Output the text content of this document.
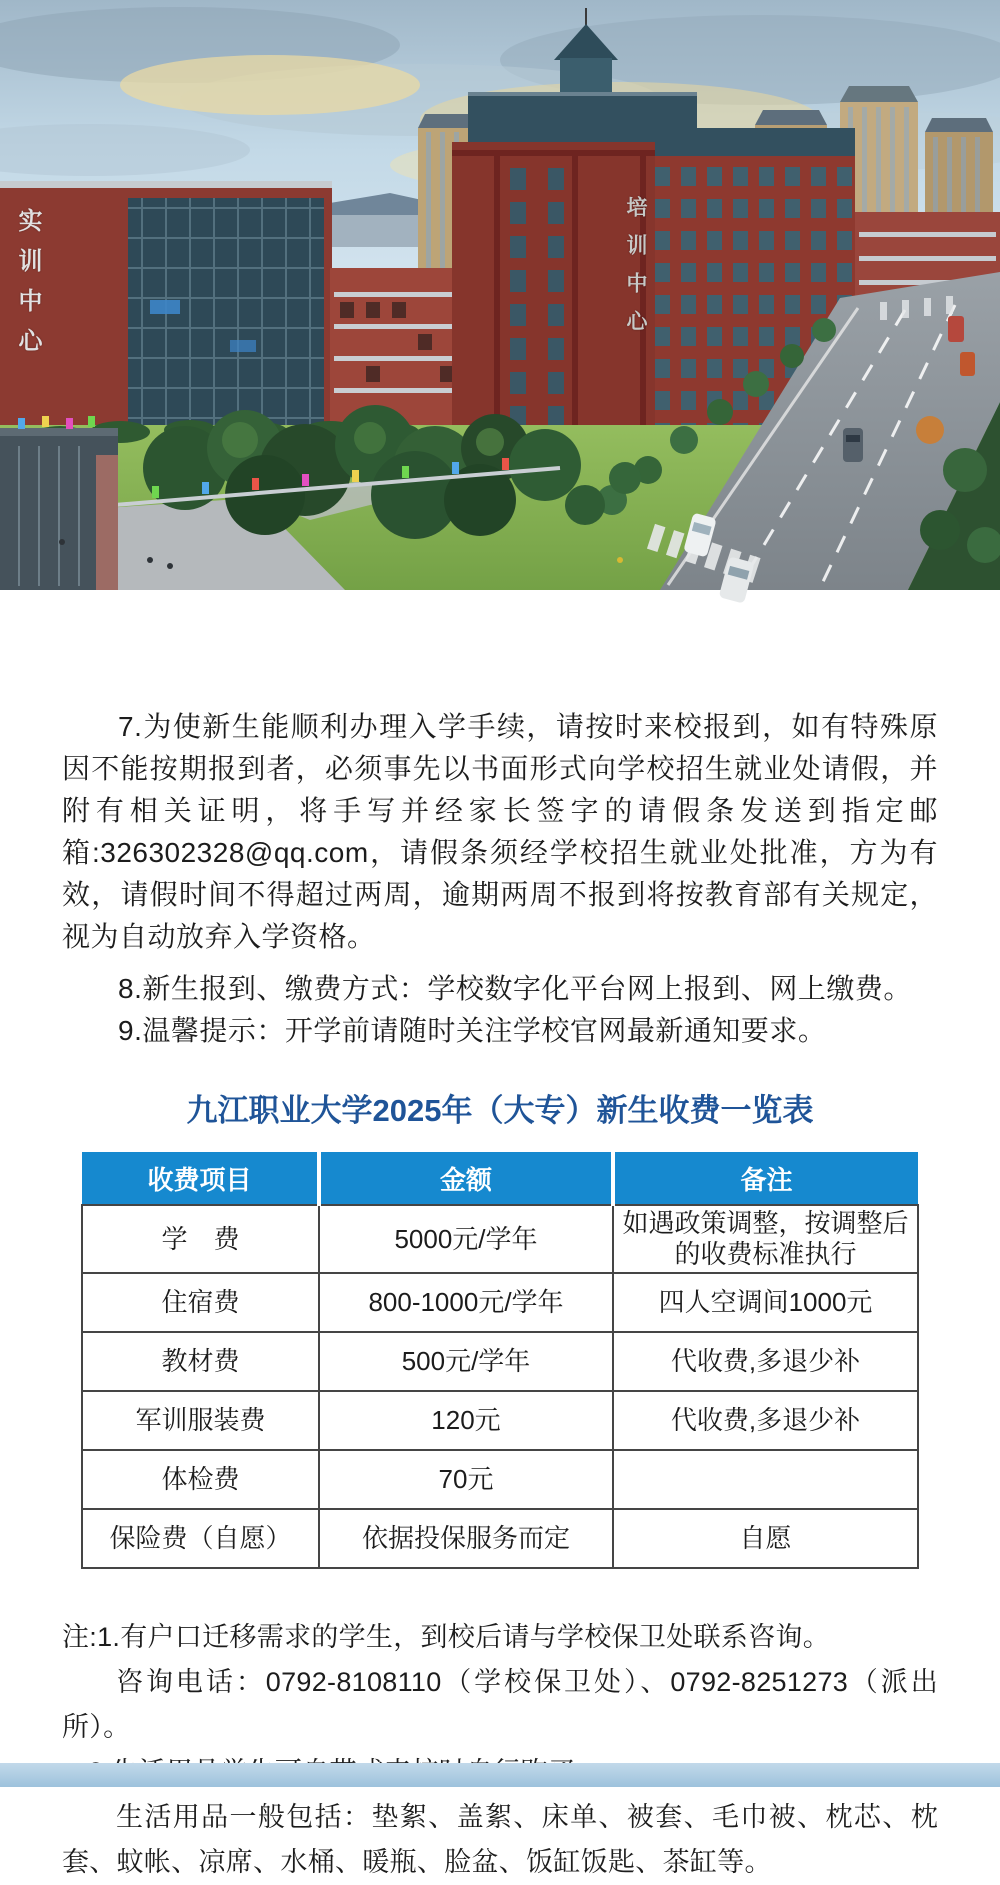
实训中心	培训中心

7.为使新生能顺利办理入学手续，请按时来校报到，如有特殊原因不能按期报到者，必须事先以书面形式向学校招生就业处请假，并附有相关证明，将手写并经家长签字的请假条发送到指定邮箱:326302328@qq.com，请假条须经学校招生就业处批准，方为有效，请假时间不得超过两周，逾期两周不报到将按教育部有关规定，视为自动放弃入学资格。

8.新生报到、缴费方式：学校数字化平台网上报到、网上缴费。

9.温馨提示：开学前请随时关注学校官网最新通知要求。

九江职业大学2025年（大专）新生收费一览表
收费项目	金额	备注
学　费	5000元/学年	如遇政策调整，按调整后的收费标准执行
住宿费	800-1000元/学年	四人空调间1000元
教材费	500元/学年	代收费,多退少补
军训服装费	120元	代收费,多退少补
体检费	70元	
保险费（自愿）	依据投保服务而定	自愿

注:1.有户口迁移需求的学生，到校后请与学校保卫处联系咨询。

咨询电话：0792-8108110（学校保卫处）、0792-8251273（派出所）。

生活用品一般包括：垫絮、盖絮、床单、被套、毛巾被、枕芯、枕套、蚊帐、凉席、水桶、暖瓶、脸盆、饭缸饭匙、茶缸等。
